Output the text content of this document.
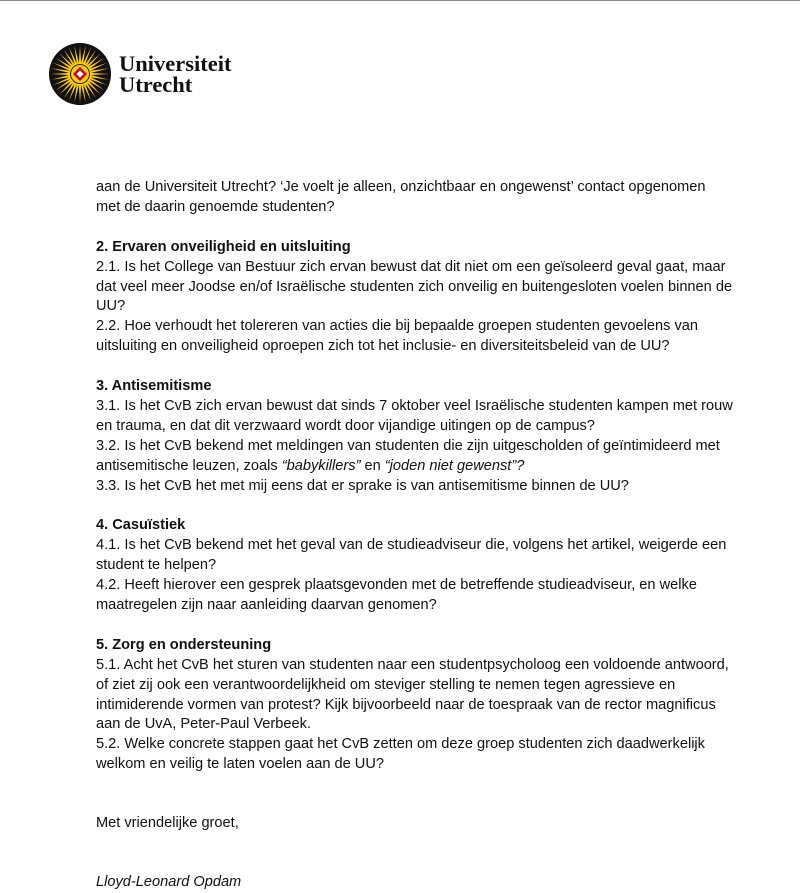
Universiteit
Utrecht

aan de Universiteit Utrecht? ‘Je voelt je alleen, onzichtbaar en ongewenst’ contact opgenomen

met de daarin genoemde studenten?

2. Ervaren onveiligheid en uitsluiting

2.1. Is het College van Bestuur zich ervan bewust dat dit niet om een geïsoleerd geval gaat, maar

dat veel meer Joodse en/of Israëlische studenten zich onveilig en buitengesloten voelen binnen de

UU?

2.2. Hoe verhoudt het tolereren van acties die bij bepaalde groepen studenten gevoelens van

uitsluiting en onveiligheid oproepen zich tot het inclusie- en diversiteitsbeleid van de UU?

3. Antisemitisme

3.1. Is het CvB zich ervan bewust dat sinds 7 oktober veel Israëlische studenten kampen met rouw

en trauma, en dat dit verzwaard wordt door vijandige uitingen op de campus?

3.2. Is het CvB bekend met meldingen van studenten die zijn uitgescholden of geïntimideerd met

antisemitische leuzen, zoals “babykillers” en “joden niet gewenst”?

3.3. Is het CvB het met mij eens dat er sprake is van antisemitisme binnen de UU?

4. Casuïstiek

4.1. Is het CvB bekend met het geval van de studieadviseur die, volgens het artikel, weigerde een

student te helpen?

4.2. Heeft hierover een gesprek plaatsgevonden met de betreffende studieadviseur, en welke

maatregelen zijn naar aanleiding daarvan genomen?

5. Zorg en ondersteuning

5.1. Acht het CvB het sturen van studenten naar een studentpsycholoog een voldoende antwoord,

of ziet zij ook een verantwoordelijkheid om steviger stelling te nemen tegen agressieve en

intimiderende vormen van protest? Kijk bijvoorbeeld naar de toespraak van de rector magnificus

aan de UvA, Peter-Paul Verbeek.

5.2. Welke concrete stappen gaat het CvB zetten om deze groep studenten zich daadwerkelijk

welkom en veilig te laten voelen aan de UU?

Met vriendelijke groet,

Lloyd-Leonard Opdam
